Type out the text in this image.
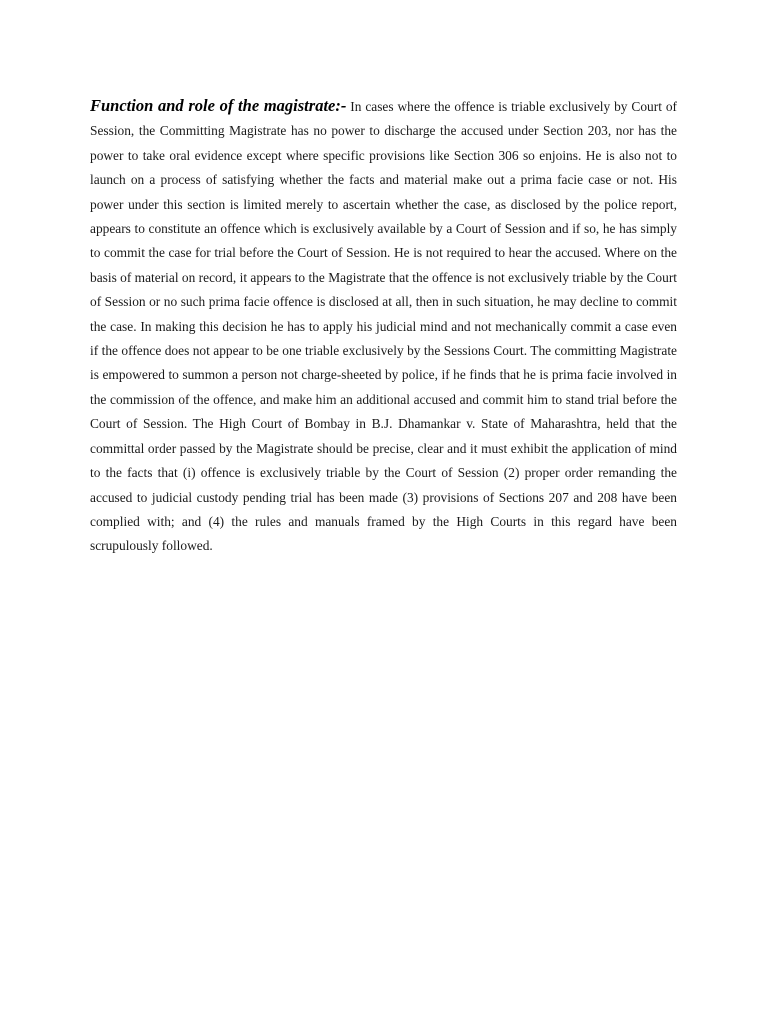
Function and role of the magistrate:- In cases where the offence is triable exclusively by Court of Session, the Committing Magistrate has no power to discharge the accused under Section 203, nor has the power to take oral evidence except where specific provisions like Section 306 so enjoins. He is also not to launch on a process of satisfying whether the facts and material make out a prima facie case or not. His power under this section is limited merely to ascertain whether the case, as disclosed by the police report, appears to constitute an offence which is exclusively available by a Court of Session and if so, he has simply to commit the case for trial before the Court of Session. He is not required to hear the accused. Where on the basis of material on record, it appears to the Magistrate that the offence is not exclusively triable by the Court of Session or no such prima facie offence is disclosed at all, then in such situation, he may decline to commit the case. In making this decision he has to apply his judicial mind and not mechanically commit a case even if the offence does not appear to be one triable exclusively by the Sessions Court. The committing Magistrate is empowered to summon a person not charge-sheeted by police, if he finds that he is prima facie involved in the commission of the offence, and make him an additional accused and commit him to stand trial before the Court of Session. The High Court of Bombay in B.J. Dhamankar v. State of Maharashtra, held that the committal order passed by the Magistrate should be precise, clear and it must exhibit the application of mind to the facts that (i) offence is exclusively triable by the Court of Session (2) proper order remanding the accused to judicial custody pending trial has been made (3) provisions of Sections 207 and 208 have been complied with; and (4) the rules and manuals framed by the High Courts in this regard have been scrupulously followed.
